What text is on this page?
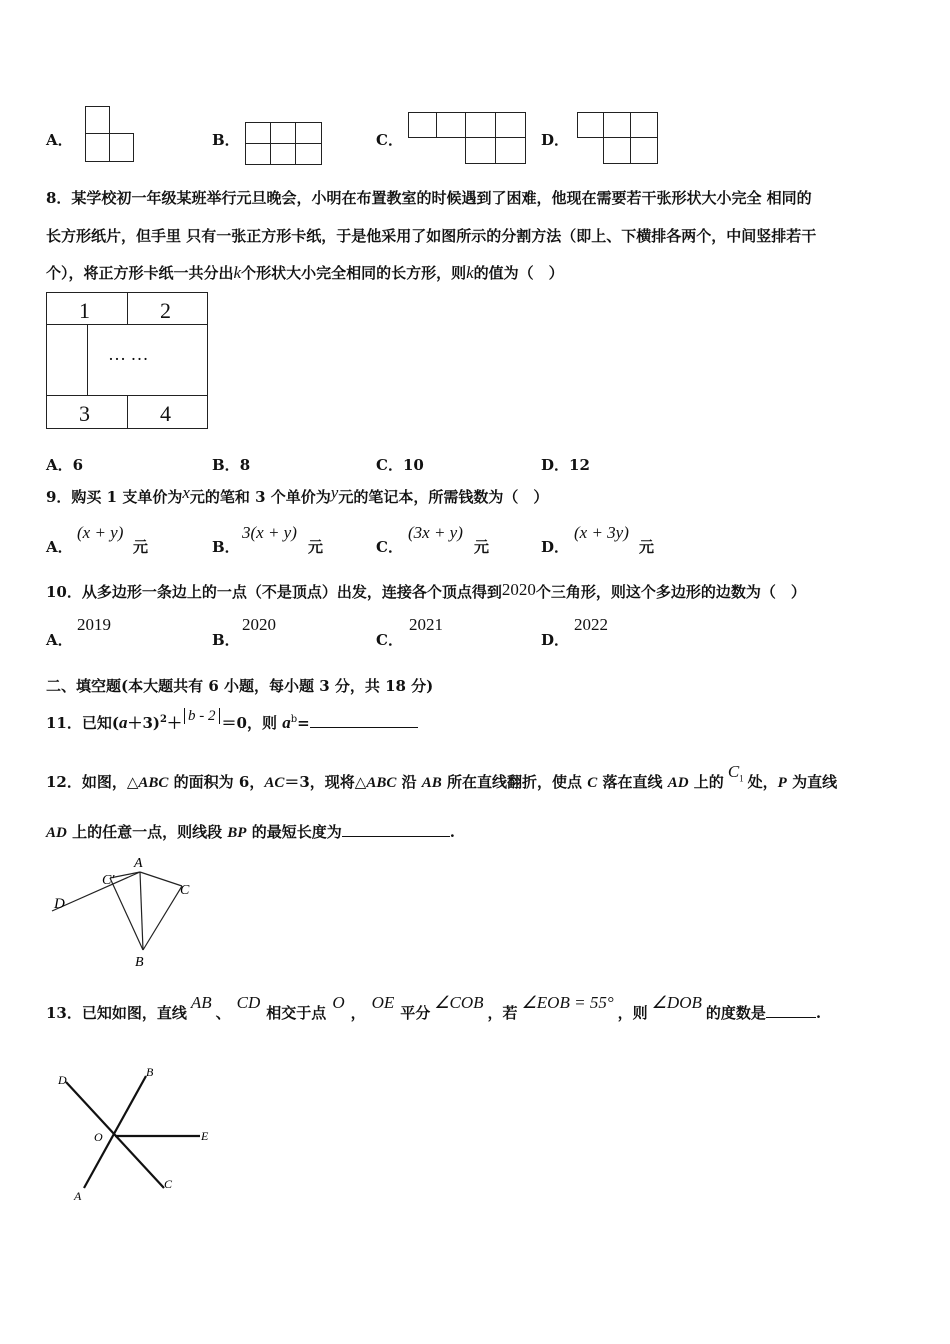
A．	B．	C．	D．
8．某学校初一年级某班举行元旦晚会，小明在布置教室的时候遇到了困难，他现在需要若干张形状大小完全 相同的
长方形纸片，但手里 只有一张正方形卡纸，于是他采用了如图所示的分割方法（即上、下横排各两个，中间竖排若干
个），将正方形卡纸一共分出k个形状大小完全相同的长方形，则k的值为（　）
1	2
… …
3	4
A．6	B．8	C．10	D．12
9．购买 1 支单价为x元的笔和 3 个单价为y元的笔记本，所需钱数为（　）
A．
(x + y)
元	B．
3(x + y)
元	C．
(3x + y)
元	D．
(x + 3y)
元
10．从多边形一条边上的一点（不是顶点）出发，连接各个顶点得到2020个三角形，则这个多边形的边数为（　）
A．
2019
B．
2020
C．
2021
D．
2022
二、填空题(本大题共有 6 小题，每小题 3 分，共 18 分)
11．已知$(a+3)^2+ b - 2 =0$，则 $a^b=$
12．如图，△ABC 的面积为 6，AC＝3，现将△ABC 沿 AB 所在直线翻折，使点 C 落在直线 AD 上的$C_1$ 处，P 为直线
AD 上的任意一点，则线段 BP 的最短长度为	.
D
C′
A
C
B
13．已知如图，直线AB、CD相交于点O，OE平分∠COB，若∠EOB = 55°，则∠DOB的度数是	.
D
B
O	E
A
C
